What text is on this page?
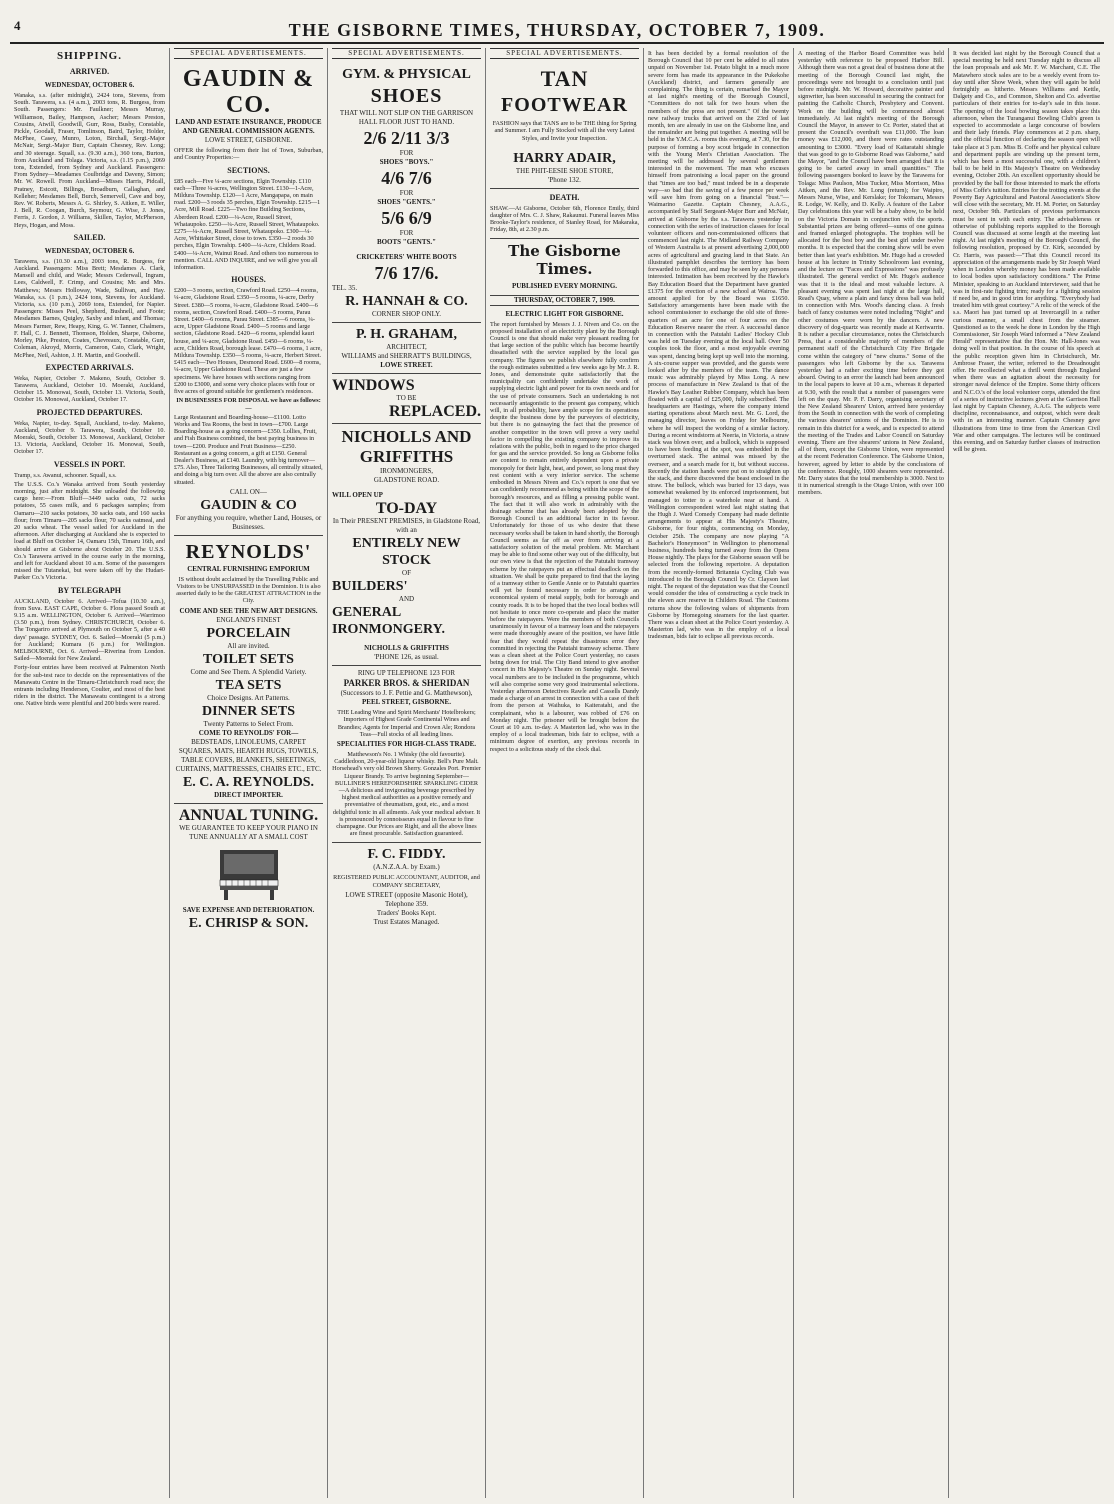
4	THE GISBORNE TIMES, THURSDAY, OCTOBER 7, 1909.
SHIPPING.
ARRIVED.
WEDNESDAY, OCTOBER 6.
Wanaka, s.s. (after midnight), 2424 tons, Stevens, from South. Tarawera, s.s. (4 a.m.), 2003 tons, R. Burgess, from South. Passengers: Mr. Faulkner; Messrs Murray, Williamson, Bailey, Hampson, Ascher; Messrs Preston, Cousins, Atwill, Goodwill, Gurr, Ross, Busby, Constable, Pickle, Goodall, Fraser, Tomlinson, Baird, Taylor, Holder, McPhee, Casey, Munro, Loton, Birchall, Sergt.-Major McNair, Sergt.-Major Burr, Captain Chesney, Rev. Long; and 30 steerage. Squall, s.s. (9.30 a.m.), 360 tons, Burton, from Auckland and Tolaga. Victoria, s.s. (1.15 p.m.), 2069 tons, Extended, from Sydney and Auckland. Passengers: From Sydney—Meadames Coulbridge and Daveny, Simon; Mr. W. Rowell. From Auckland—Misses Harris, Pidcall, Pratney, Estcott, Billings, Broadburn, Callaghan, and Kelleher; Mesdames Bell, Burch, Semervell, Cave and boy, Rev. W. Roberts, Messrs A. G. Shirley, S. Aitken, E. Willer, J. Bell, R. Coogan, Burch, Seymour, G. Wise, J. Jones, Ferris, J. Gordon, J. Williams, Skillen, Taylor, McPherson, Heys, Hogan, and Moss.
SAILED.
WEDNESDAY, OCTOBER 6.
Tarawera, s.s. (10.30 a.m.), 2003 tons, R. Burgess, for Auckland. Passengers: Miss Brett; Mesdames A. Clark, Mansell and child, and Wade; Messrs Cederwall, Ingram, Lees, Caldwell, F. Crimp, and Cousins; Mr. and Mrs. Matthews; Messrs Holloway, Wade, Sullivan, and Hay. Wanaka, s.s. (1 p.m.), 2424 tons, Stevens, for Auckland. Victoria, s.s. (10 p.m.), 2069 tons, Extended, for Napier. Passengers: Misses Peel, Shepherd, Bushnell, and Foote; Mesdames Barnes, Quigley, Saxby and infant, and Thomas; Messrs Farmer, Rew, Heapy, King, G. W. Tanner, Chalmers, F. Hall, C. J. Bennett, Thomson, Holden, Sharpe, Osborne, Morley, Pike, Preston, Coates, Chevreaux, Constable, Gurr, Coleman, Akroyd, Morris, Cameron, Cato, Clark, Wright, McPhee, Neil, Ashton, J. H. Martin, and Goodwill.
EXPECTED ARRIVALS.
Weka, Napier, October 7. Makeno, South, October 9. Tarawera, Auckland, October 10. Moeraki, Auckland, October 15. Monowai, South, October 13. Victoria, South, October 16. Monowai, Auckland, October 17.
PROJECTED DEPARTURES.
Weka, Napier, to-day. Squall, Auckland, to-day. Makeno, Auckland, October 9. Tarawera, South, October 10. Moeraki, South, October 13. Monowai, Auckland, October 13. Victoria, Auckland, October 16. Monowai, South, October 17.
VESSELS IN PORT.
Tramp, s.s. Awanui, schooner. Squall, s.s.
The U.S.S. Co.'s Wanaka arrived from South yesterday morning, just after midnight. She unloaded the following cargo here:—From Bluff—3449 sacks oats, 72 sacks potatoes, 55 cases milk, and 6 packages samples; from Oamaru—210 sacks potatoes, 30 sacks oats, and 160 sacks flour; from Timaru—205 sacks flour, 70 sacks oatmeal, and 20 sacks wheat. The vessel sailed for Auckland in the afternoon. After discharging at Auckland she is expected to load at Bluff on October 14, Oamaru 15th, Timaru 16th, and should arrive at Gisborne about October 20. The U.S.S. Co.'s Tarawera arrived in the course early in the morning, and left for Auckland about 10 a.m. Some of the passengers missed the Tutanekai, but were taken off by the Hudart-Parker Co.'s Victoria.
BY TELEGRAPH
AUCKLAND, October 6. Arrived—Tofua (10.30 a.m.), from Suva. EAST CAPE, October 6. Flora passed South at 9.15 a.m. WELLINGTON, October 6. Arrived—Warrimoo (3.50 p.m.), from Sydney. CHRISTCHURCH, October 6. The Tongariro arrived at Plymouth on October 5, after a 40 days' passage. SYDNEY, Oct. 6. Sailed—Moeraki (5 p.m.) for Auckland; Kumara (6 p.m.) for Wellington. MELBOURNE, Oct. 6. Arrived—Riverina from London. Sailed—Moeraki for New Zealand.
Forty-four entries have been received at Palmerston North for the sub-test race to decide on the representatives of the Manawatu Centre in the Timaru-Christchurch road race; the entrants including Henderson, Coulter, and most of the best riders in the district. The Manawatu contingent is a strong one. Native birds were plentiful and 200 birds were reared.
SPECIAL ADVERTISEMENTS.
GAUDIN & CO.
LAND AND ESTATE INSURANCE, PRODUCE AND GENERAL COMMISSION AGENTS.
LOWE STREET, GISBORNE.
OFFER the following from their list of Town, Suburban, and Country Properties:—
SECTIONS.
£85 each—Five ¼-acre sections, Elgin Township. £110 each—Three ¼-acres, Wellington Street. £130—1-Acre, Mildura Township. £120—1 Acre, Mangapapa, on main road. £200—3 roods 35 perches, Elgin Township. £215—1 Acre, Mill Road. £225—Two fine Building Sections, Aberdeen Road. £200—¼-Acre, Russell Street, Whataupoko. £250—¼-Acre, Russell Street, Whataupoko. £275—¼-Acre, Russell Street, Whataupoko. £300—¼-Acre, Whittaker Street, close to town. £350—2 roods 30 perches, Elgin Township. £400—¼-Acre, Childers Road. £400—¼-Acre, Wainui Road. And others too numerous to mention. CALL AND INQUIRE, and we will give you all information.
HOUSES.
£200—3 rooms, section, Crawford Road. £250—4 rooms, ¼-acre, Gladstone Road. £350—5 rooms, ¼-acre, Derby Street. £380—5 rooms, ¼-acre, Gladstone Road. £400—6 rooms, section, Crawford Road. £400—5 rooms, Parau Street. £400—6 rooms, Parau Street. £385—6 rooms, ¼-acre, Upper Gladstone Road. £400—5 rooms and large section, Gladstone Road. £420—6 rooms, splendid kauri house, and ¼-acre, Gladstone Road. £450—6 rooms, ¼-acre, Childers Road, borough lease. £470—6 rooms, 1 acre, Mildura Township. £350—5 rooms, ¼-acre, Herbert Street. £415 each—Two Houses, Desmond Road. £600—8 rooms, ¼-acre, Upper Gladstone Road. These are just a few specimens. We have houses with sections ranging from £200 to £3000, and some very choice places with four or five acres of ground suitable for gentlemen's residences.
IN BUSINESSES FOR DISPOSAL we have as follows:—
Large Restaurant and Boarding-house—£1100. Lotto Works and Tea Rooms, the best in town—£700. Large Boarding-house as a going concern—£350. Lollies, Fruit, and Fish Business combined, the best paying business in town—£200. Produce and Fruit Business—£250. Restaurant as a going concern, a gift at £150. General Dealer's Business, at £140. Laundry, with big turnover—£75. Also, Three Tailoring Businesses, all centrally situated, and doing a big turn over. All the above are also centrally situated.
CALL ON—
GAUDIN & CO
For anything you require, whether Land, Houses, or Businesses.
REYNOLDS'
CENTRAL FURNISHING EMPORIUM
IS without doubt acclaimed by the Travelling Public and Visitors to be UNSURPASSED in the Dominion. It is also asserted daily to be the GREATEST ATTRACTION in the City.
COME AND SEE THE NEW ART DESIGNS.
ENGLAND'S FINEST
PORCELAIN
All are invited.
TOILET SETS
Come and See Them. A Splendid Variety.
TEA SETS
Choice Designs. Art Patterns.
DINNER SETS
Twenty Patterns to Select From.
COME TO REYNOLDS' FOR—
BEDSTEADS, LINOLEUMS, CARPET SQUARES, MATS, HEARTH RUGS, TOWELS, TABLE COVERS, BLANKETS, SHEETINGS, CURTAINS, MATTRESSES, CHAIRS ETC., ETC.
E. C. A. REYNOLDS.
DIRECT IMPORTER.
ANNUAL TUNING.
WE GUARANTEE TO KEEP YOUR PIANO IN TUNE ANNUALLY AT A SMALL COST
SAVE EXPENSE AND DETERIORATION.
E. CHRISP & SON.
SPECIAL ADVERTISEMENTS.
GYM. & PHYSICAL
SHOES
THAT WILL NOT SLIP ON THE GARRISON HALL FLOOR JUST TO HAND.
2/6 2/11 3/3
FOR
SHOES "BOYS."
4/6 7/6
FOR
SHOES "GENTS."
5/6 6/9
FOR
BOOTS "GENTS."
CRICKETERS' WHITE BOOTS
7/6 17/6.
TEL. 35.
R. HANNAH & CO.
CORNER SHOP ONLY.
P. H. GRAHAM,
ARCHITECT,
WILLIAMS and SHERRATT'S BUILDINGS,
LOWE STREET.
WINDOWS
TO BE
REPLACED.
NICHOLLS AND GRIFFITHS
IRONMONGERS,
GLADSTONE ROAD.
WILL OPEN UP
TO-DAY
In Their PRESENT PREMISES, in Gladstone Road, with an
ENTIRELY NEW STOCK
OF
BUILDERS'
AND
GENERAL IRONMONGERY.
NICHOLLS & GRIFFITHS
'PHONE 126, as usual.
RING UP TELEPHONE 123 FOR
PARKER BROS. & SHERIDAN
(Successors to J. F. Pettie and G. Matthewson),
PEEL STREET, GISBORNE.
THE Leading Wine and Spirit Merchants' Hotelbrokers; Importers of Highest Grade Continental Wines and Brandies; Agents for Imperial and Crown Ale; Rondora Teas—Full stocks of all leading lines.
SPECIALITIES FOR HIGH-CLASS TRADE.
Matthewson's No. 1 Whisky (the old favourite). Caddledoon, 20-year-old liqueur whisky. Bell's Pure Malt. Horsehead's very old Brown Sherry. Gonzales Port. Premier Liqueur Brandy. To arrive beginning September—BULLINER'S HEREFORDSHIRE SPARKLING CIDER—A delicious and invigorating beverage prescribed by highest medical authorities as a positive remedy and preventative of rheumatism, gout, etc., and a most delightful tonic in all ailments. Ask your medical adviser. It is pronounced by connoisseurs equal in flavour to fine champagne. Our Prices are Right, and all the above lines are finest procurable. Satisfaction guaranteed.
F. C. FIDDY.
(A.N.Z.A.A. by Exam.)
REGISTERED PUBLIC ACCOUNTANT, AUDITOR, and COMPANY SECRETARY,
LOWE STREET (opposite Masonic Hotel), Telephone 359.
Traders' Books Kept.
Trust Estates Managed.
SPECIAL ADVERTISEMENTS.
TAN
FOOTWEAR
FASHION says that TANS are to be THE thing for Spring and Summer. I am Fully Stocked with all the very Latest Styles, and Invite your Inspection.
HARRY ADAIR,
THE PHIT-EESIE SHOE STORE,
'Phone 132.
DEATH.
SHAW.—At Gisborne, October 6th, Florence Emily, third daughter of Mrs. C. J. Shaw, Rakaunui. Funeral leaves Miss Brooke-Taylor's residence, of Stanley Road, for Makaraka, Friday, 8th, at 2.30 p.m.
The Gisborne Times.
PUBLISHED EVERY MORNING.
THURSDAY, OCTOBER 7, 1909.
ELECTRIC LIGHT FOR GISBORNE.
The report furnished by Messrs J. J. Niven and Co. on the proposed installation of an electricity plant by the Borough Council is one that should make very pleasant reading for that large section of the public which has become heartily dissatisfied with the service supplied by the local gas company. The figures we publish elsewhere fully confirm the rough estimates submitted a few weeks ago by Mr. J. R. Jones, and demonstrate quite satisfactorily that the municipality can confidently undertake the work of supplying electric light and power for its own needs and for the use of private consumers. Such an undertaking is not necessarily antagonistic to the present gas company, which will, in all probability, have ample scope for its operations despite the business done by the purveyors of electricity, but there is no gainsaying the fact that the presence of another competitor in the town will prove a very useful factor in compelling the existing company to improve its relations with the public, both in regard to the price charged for gas and the service provided. So long as Gisborne folks are content to remain entirely dependent upon a private monopoly for their light, heat, and power, so long must they rest content with a very inferior service. The scheme embodied in Messrs Niven and Co.'s report is one that we can confidently recommend as being within the scope of the borough's resources, and as filling a pressing public want. The fact that it will also work in admirably with the drainage scheme that has already been adopted by the Borough Council is an additional factor in its favour. Unfortunately for those of us who desire that these necessary works shall be taken in hand shortly, the Borough Council seems as far off as ever from arriving at a satisfactory solution of the metal problem. Mr. Marchant may be able to find some other way out of the difficulty, but our own view is that the rejection of the Patutahi tramway scheme by the ratepayers put an effectual deadlock on the situation. We shall be quite prepared to find that the laying of a tramway either to Gentle Annie or to Patutahi quarries will yet be found necessary in order to arrange an economical system of metal supply, both for borough and county roads. It is to be hoped that the two local bodies will not hesitate to once more co-operate and place the matter before the ratepayers. Were the members of both Councils unanimously in favour of a tramway loan and the ratepayers were made thoroughly aware of the position, we have little fear that they would repeat the disastrous error they committed in rejecting the Patutahi tramway scheme. There was a clean sheet at the Police Court yesterday, no cases being down for trial. The City Band intend to give another concert in His Majesty's Theatre on Sunday night. Several vocal numbers are to be included in the programme, which will also comprise some very good instrumental selections. Yesterday afternoon Detectives Rawle and Cassells Dandy made a charge of an arrest in connection with a case of theft from the person at Waihuka, to Kaiteratahi, and the complainant, who is a labourer, was robbed of £76 on Monday night. The prisoner will be brought before the Court at 10 a.m. to-day. A Masterton lad, who was in the employ of a local tradesman, bids fair to eclipse, with a minimum degree of exertion, any previous records in respect to a solicitous study of the clock dial.
It has been decided by a formal resolution of the Borough Council that 10 per cent be added to all rates unpaid on November 1st. Potato blight in a much more severe form has made its appearance in the Pukekohe (Auckland) district, and farmers generally are complaining. The thing is certain, remarked the Mayor at last night's meeting of the Borough Council, "Committees do not talk for two hours when the members of the press are not present." Of the twenty new railway trucks that arrived on the 23rd of last month, ten are already in use on the Gisborne line, and the remainder are being put together. A meeting will be held in the Y.M.C.A. rooms this evening, at 7.30, for the purpose of forming a boy scout brigade in connection with the Young Men's Christian Association. The meeting will be addressed by several gentlemen interested in the movement. The man who excuses himself from patronising a local paper on the ground that "times are too bad," must indeed be in a desperate way—so bad that the saving of a few pence per week will save him from going on a financial "bust."—Waimarino Gazette. Captain Chesney, A.A.G., accompanied by Staff Sergeant-Major Burr and McNair, arrived at Gisborne by the s.s. Tarawera yesterday in connection with the series of instruction classes for local volunteer officers and non-commissioned officers that commenced last night. The Midland Railway Company of Western Australia is at present advertising 2,000,000 acres of agricultural and grazing land in that State. An illustrated pamphlet describes the territory has been forwarded to this office, and may be seen by any persons interested. Intimation has been received by the Hawke's Bay Education Board that the Department have granted £1375 for the erection of a new school at Wairoa. The amount applied for by the Board was £1650. Satisfactory arrangements have been made with the school commissioner to exchange the old site of three-quarters of an acre for one of four acres on the Education Reserve nearer the river. A successful dance in connection with the Patutahi Ladies' Hockey Club was held on Tuesday evening at the local hall. Over 50 couples took the floor, and a most enjoyable evening was spent, dancing being kept up well into the morning. A six-course supper was provided, and the guests were looked after by the members of the team. The dance music was admirably played by Miss Long. A new process of manufacture in New Zealand is that of the Hawke's Bay Leather Rubber Company, which has been floated with a capital of £25,000, fully subscribed. The headquarters are Hastings, where the company intend starting operations about March next. Mr. G. Lord, the managing director, leaves on Friday for Melbourne, where he will inspect the working of a similar factory. During a recent windstorm at Neeria, in Victoria, a straw stack was blown over, and a bullock, which is supposed to have been feeding at the spot, was embedded in the overturned stack. The animal was missed by the overseer, and a search made for it, but without success. Recently the station hands were put on to straighten up the stack, and there discovered the beast enclosed in the straw. The bullock, which was buried for 13 days, was somewhat weakened by its enforced imprisonment, but managed to totter to a waterhole near at hand. A Wellington correspondent wired last night stating that the Hugh J. Ward Comedy Company had made definite arrangements to appear at His Majesty's Theatre, Gisborne, for four nights, commencing on Monday, October 25th. The company are now playing "A Bachelor's Honeymoon" in Wellington to phenomenal business, hundreds being turned away from the Opera House nightly. The plays for the Gisborne season will be selected from the following repertoire. A deputation from the recently-formed Britannia Cycling Club was introduced to the Borough Council by Cr. Clayson last night. The request of the deputation was that the Council would consider the idea of constructing a cycle track in the eleven acre reserve in Childers Road. The Customs returns show the following values of shipments from Gisborne by Homegoing steamers for the last quarter. There was a clean sheet at the Police Court yesterday. A Masterton lad, who was in the employ of a local tradesman, bids fair to eclipse all previous records.
A meeting of the Harbor Board Committee was held yesterday with reference to be proposed Harbor Bill. Although there was not a great deal of business done at the meeting of the Borough Council last night, the proceedings were not brought to a conclusion until just before midnight. Mr. W. Howard, decorative painter and signwriter, has been successful in securing the contract for painting the Catholic Church, Presbytery and Convent. Work on the building will be commenced almost immediately. At last night's meeting of the Borough Council the Mayor, in answer to Cr. Porter, stated that at present the Council's overdraft was £11,000. The loan money was £12,000, and there were rates outstanding amounting to £3000. "Every load of Kaitaratahi shingle that was good to go to Gisborne Road was Gisborne," said the Mayor, "and the Council have been arranged that it is going to be carted away in small quantities." The following passengers booked to leave by the Tarawera for Tolaga: Miss Paulson, Miss Tucker, Miss Morrison, Miss Aitken, and the Rev. Mr. Long (return); for Waipiro, Messrs Nurse, Wise, and Kerslake; for Tokomaru, Messrs R. Lodge, W. Kelly, and D. Kelly. A feature of the Labor Day celebrations this year will be a baby show, to be held on the Victoria Domain in conjunction with the sports. Substantial prizes are being offered—sums of one guinea and framed enlarged photographs. The trophies will be allocated for the best boy and the best girl under twelve months. It is expected that the coming show will be even better than last year's exhibition. Mr. Hugo had a crowded house at his lecture in Trinity Schoolroom last evening, and the lecture on "Faces and Expressions" was profusely illustrated. The general verdict of Mr. Hugo's audience was that it is the ideal and most valuable lecture. A pleasant evening was spent last night at the large hall, Read's Quay, where a plain and fancy dress ball was held in connection with Mrs. Wood's dancing class. A fresh batch of fancy costumes were noted including "Night" and other costumes were worn by the dancers. A new discovery of dog-quartz was recently made at Keriwarrin. It is rather a peculiar circumstance, notes the Christchurch Press, that a considerable majority of members of the permanent staff of the Christchurch City Fire Brigade come within the category of "new chums." Some of the passengers who left Gisborne by the s.s. Tarawera yesterday had a rather exciting time before they got aboard. Owing to an error the launch had been announced in the local papers to leave at 10 a.m., whereas it departed at 9.30, with the result that a number of passengers were left on the quay. Mr. P. F. Darry, organising secretary of the New Zealand Shearers' Union, arrived here yesterday from the South in connection with the work of completing the various shearers' unions of the Dominion. He is to remain in this district for a week, and is expected to attend the meeting of the Trades and Labor Council on Saturday evening. There are five shearers' unions in New Zealand, all of them, except the Gisborne Union, were represented at the recent Federation Conference. The Gisborne Union, however, agreed by letter to abide by the conclusions of the conference. Roughly, 1000 shearers were represented. Mr. Darry states that the total membership is 3000. Next to it in numerical strength is the Otago Union, with over 100 members.
It was decided last night by the Borough Council that a special meeting be held next Tuesday night to discuss all the loan proposals and ask Mr. F. W. Marchant, C.E. The Matawhero stock sales are to be a weekly event from to-day until after Show Week, when they will again be held fortnightly as hitherto. Messrs Williams and Kettle, Dalgety and Co., and Common, Shelton and Co. advertise particulars of their entries for to-day's sale in this issue. The opening of the local bowling season takes place this afternoon, when the Turanganui Bowling Club's green is expected to accommodate a large concourse of bowlers and their lady friends. Play commences at 2 p.m. sharp, and the official function of declaring the season open will take place at 3 p.m. Miss B. Coffe and her physical culture and department pupils are winding up the present term, which has been a most successful one, with a children's ball to be held in His Majesty's Theatre on Wednesday evening, October 20th. An excellent opportunity should be provided by the ball for those interested to mark the efforts of Miss Coffe's tuition. Entries for the trotting events at the Poverty Bay Agricultural and Pastoral Association's Show will close with the secretary, Mr. H. M. Porter, on Saturday next, October 9th. Particulars of previous performances must be sent in with each entry. The advisableness or otherwise of publishing reports supplied to the Borough Council was discussed at some length at the meeting last night. At last night's meeting of the Borough Council, the following resolution, proposed by Cr. Kirk, seconded by Cr. Harris, was passed:—"That this Council record its appreciation of the arrangements made by Sir Joseph Ward when in London whereby money has been made available to local bodies upon satisfactory conditions." The Prime Minister, speaking to an Auckland interviewer, said that he was in first-rate fighting trim; ready for a fighting session if need be, and in good trim for anything. "Everybody had treated him with great courtesy." A relic of the wreck of the s.s. Maori has just turned up at Invercargill in a rather curious manner, a small chest from the steamer. Questioned as to the week he done in London by the High Commissioner, Sir Joseph Ward informed a "New Zealand Herald" representative that the Hon. Mr. Hall-Jones was doing well in that position. In the course of his speech at the public reception given him in Christchurch, Mr. Ambrose Fraser, the writer, referred to the Dreadnought offer. He recollected what a thrill went through England when there was an agitation about the necessity for stronger naval defence of the Empire. Some thirty officers and N.C.O.'s of the local volunteer corps, attended the first of a series of instructive lectures given at the Garrison Hall last night by Captain Chesney, A.A.G. The subjects were discipline, reconnaissance, and outpost, which were dealt with in an interesting manner. Captain Chesney gave illustrations from time to time from the American Civil War and other campaigns. The lectures will be continued this evening, and on Saturday further classes of instruction will be given.
